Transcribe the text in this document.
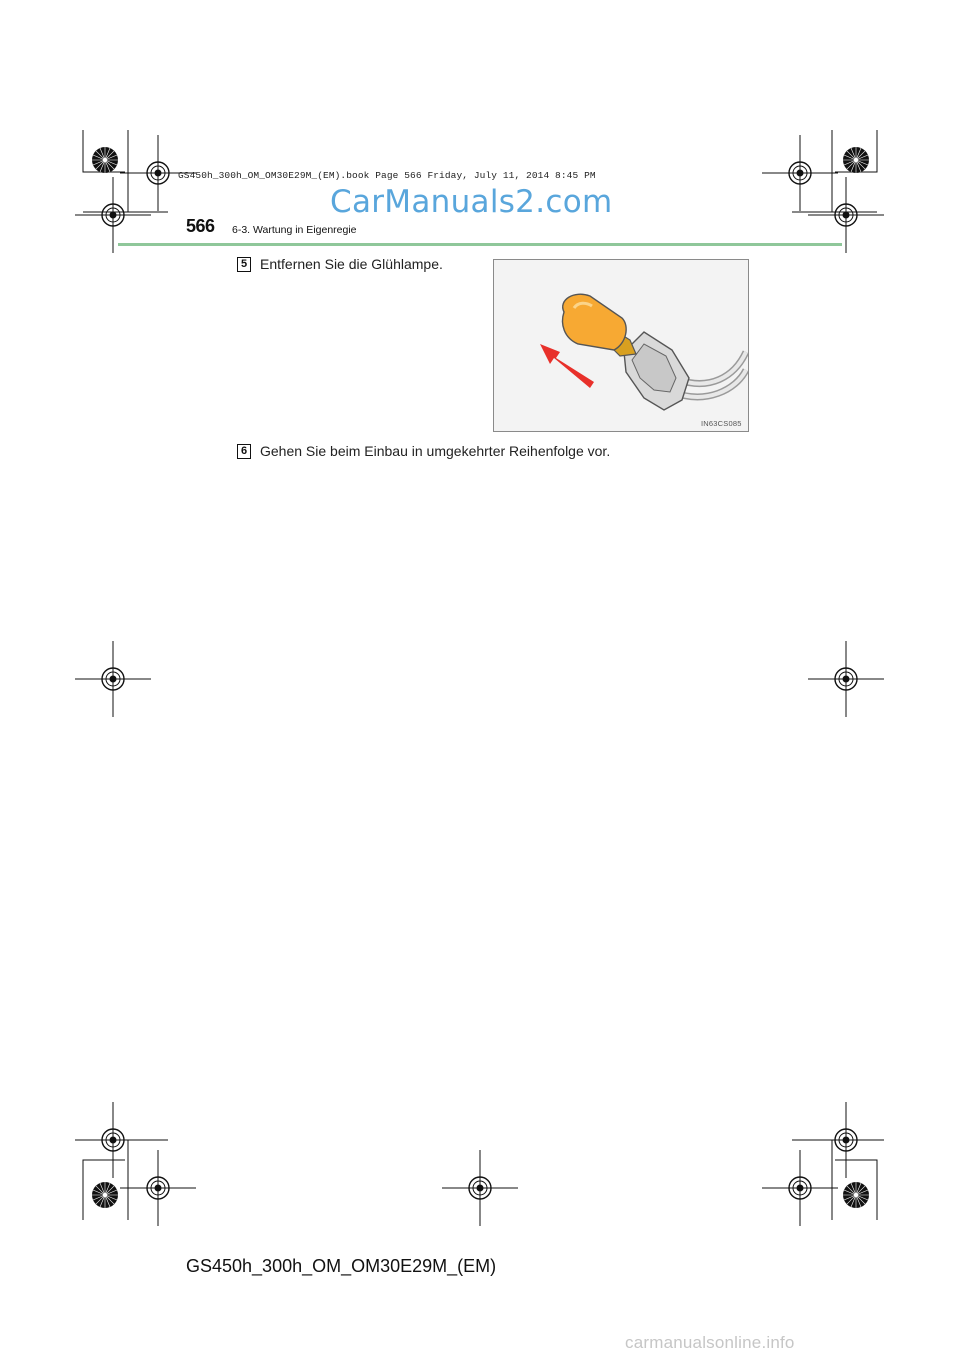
GS450h_300h_OM_OM30E29M_(EM).book Page 566 Friday, July 11, 2014 8:45 PM
CarManuals2.com
566 6-3. Wartung in Eigenregie
5 Entfernen Sie die Glühlampe.
IN63CS085
6 Gehen Sie beim Einbau in umgekehrter Reihenfolge vor.
GS450h_300h_OM_OM30E29M_(EM)
carmanualsonline.info
